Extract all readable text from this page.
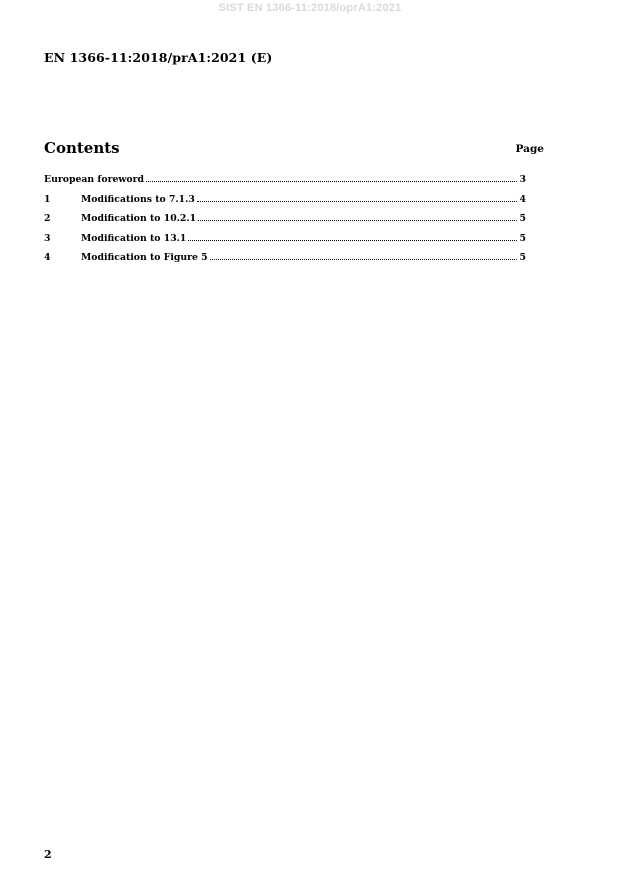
SIST EN 1366-11:2018/oprA1:2021
EN 1366-11:2018/prA1:2021 (E)
Contents	Page
European foreword	3
1	Modifications to 7.1.3	4
2	Modification to 10.2.1	5
3	Modification to 13.1	5
4	Modification to Figure 5	5
2
